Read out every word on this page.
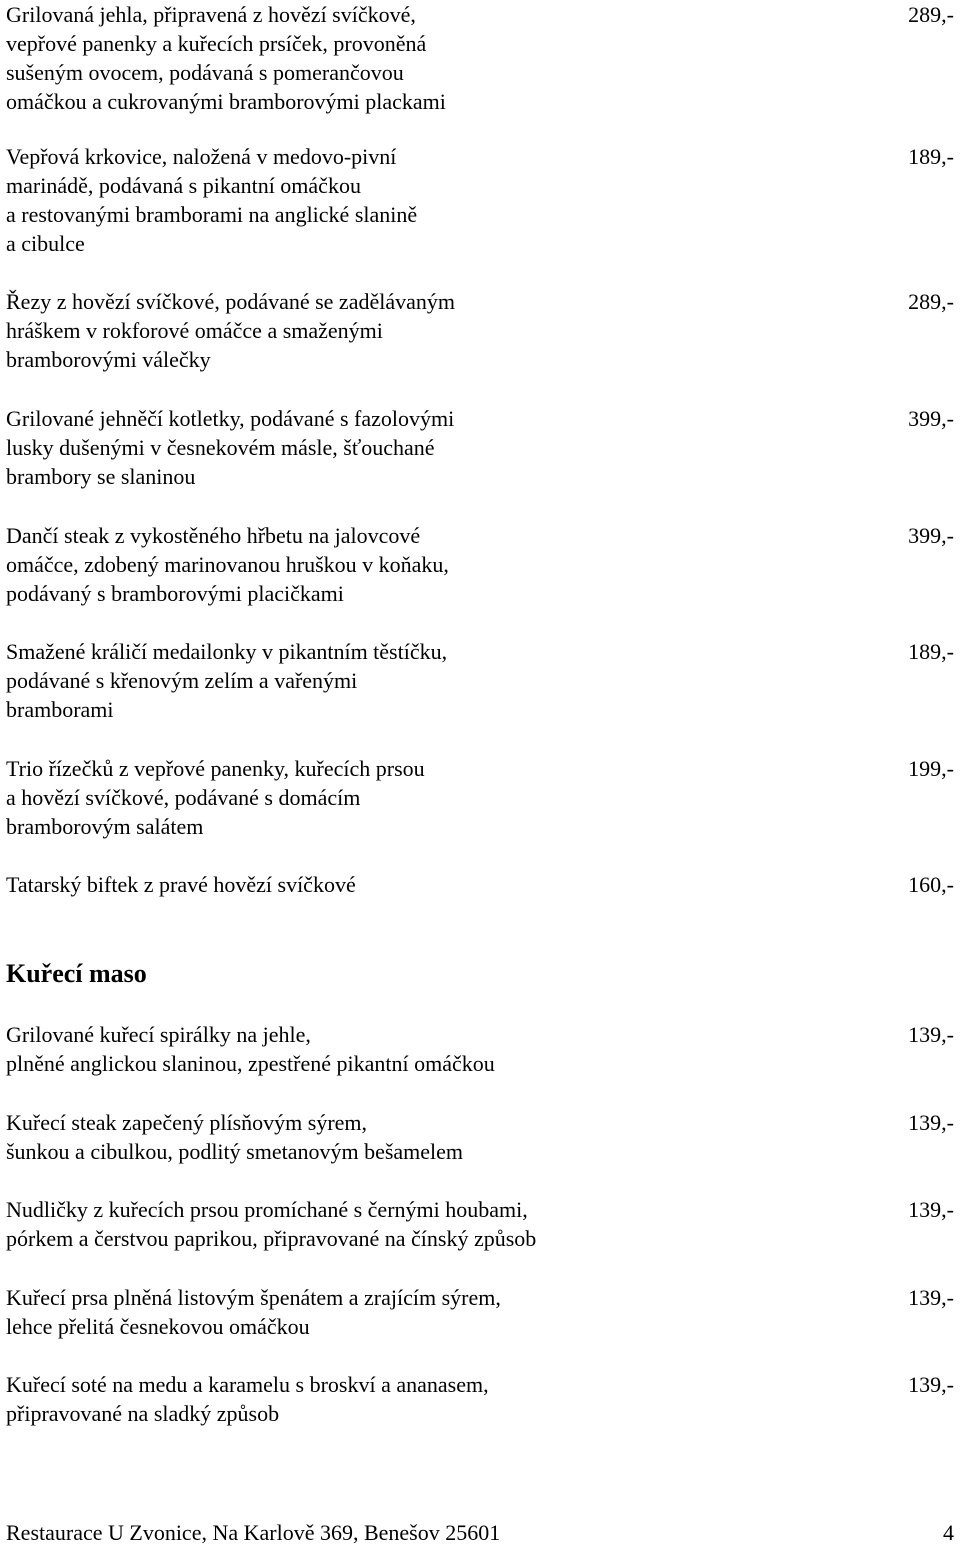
Grilovaná jehla, připravená z hovězí svíčkové,
vepřové panenky a kuřecích prsíček, provoněná
sušeným ovocem, podávaná s pomerančovou
omáčkou a cukrovanými bramborovými plackami
289,-
Vepřová krkovice, naložená v medovo-pivní
marinádě, podávaná s pikantní omáčkou
a restovanými bramborami na anglické slanině
a cibulce
189,-
Řezy z hovězí svíčkové, podávané se zadělávaným
hráškem v rokforové omáčce a smaženými
bramborovými válečky
289,-
Grilované jehněčí kotletky, podávané s fazolovými
lusky dušenými v česnekovém másle, šťouchané
brambory se slaninou
399,-
Dančí steak z vykostěného hřbetu na jalovcové
omáčce, zdobený marinovanou hruškou v koňaku,
podávaný s bramborovými placičkami
399,-
Smažené králičí medailonky v pikantním těstíčku,
podávané s křenovým zelím a vařenými
bramborami
189,-
Trio řízečků z vepřové panenky, kuřecích prsou
a hovězí svíčkové, podávané s domácím
bramborovým salátem
199,-
Tatarský biftek z pravé hovězí svíčkové	160,-
Kuřecí maso
Grilované kuřecí spirálky na jehle,
plněné anglickou slaninou, zpestřené pikantní omáčkou
139,-
Kuřecí steak zapečený plísňovým sýrem,
šunkou a cibulkou, podlitý smetanovým bešamelem
139,-
Nudličky z kuřecích prsou promíchané s černými houbami,
pórkem a čerstvou paprikou, připravované na čínský způsob
139,-
Kuřecí prsa plněná listovým špenátem a zrajícím sýrem,
lehce přelitá česnekovou omáčkou
139,-
Kuřecí soté na medu a karamelu s broskví a ananasem,
připravované na sladký způsob
139,-
Restaurace U Zvonice, Na Karlově 369, Benešov 25601	4
